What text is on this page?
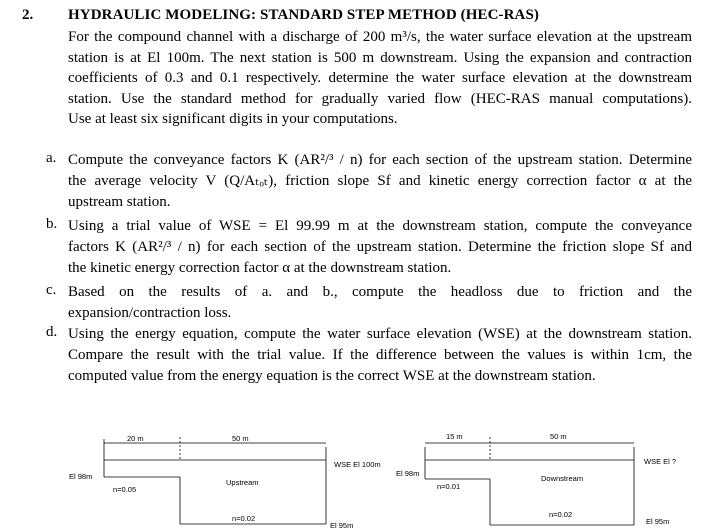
2. HYDRAULIC MODELING: STANDARD STEP METHOD (HEC-RAS)
For the compound channel with a discharge of 200 m³/s, the water surface elevation at the upstream
station is at El 100m. The next station is 500 m downstream. Using the expansion and contraction
coefficients of 0.3 and 0.1 respectively. determine the water surface elevation at the downstream
station. Use the standard method for gradually varied flow (HEC-RAS manual computations).
Use at least six significant digits in your computations.
a. Compute the conveyance factors K (AR²/³ / n) for each section of the upstream station. Determine
the average velocity V (Q/Aₜₒₜ), friction slope Sf and kinetic energy correction factor α at the
upstream station.
b. Using a trial value of WSE = El 99.99 m at the downstream station, compute the conveyance
factors K (AR²/³ / n) for each section of the upstream station. Determine the friction slope Sf and
the kinetic energy correction factor α at the downstream station.
c. Based on the results of a. and b., compute the headloss due to friction and the
expansion/contraction loss.
d. Using the energy equation, compute the water surface elevation (WSE) at the downstream station.
Compare the result with the trial value. If the difference between the values is within 1cm, the
computed value from the energy equation is the correct WSE at the downstream station.
20 m	50 m
WSE El 100m
El 98m
n=0.05
Upstream
n=0.02
El 95m
15 m	50 m
WSE El ?
El 98m
n=0.01
Downstream
n=0.02
El 95m
